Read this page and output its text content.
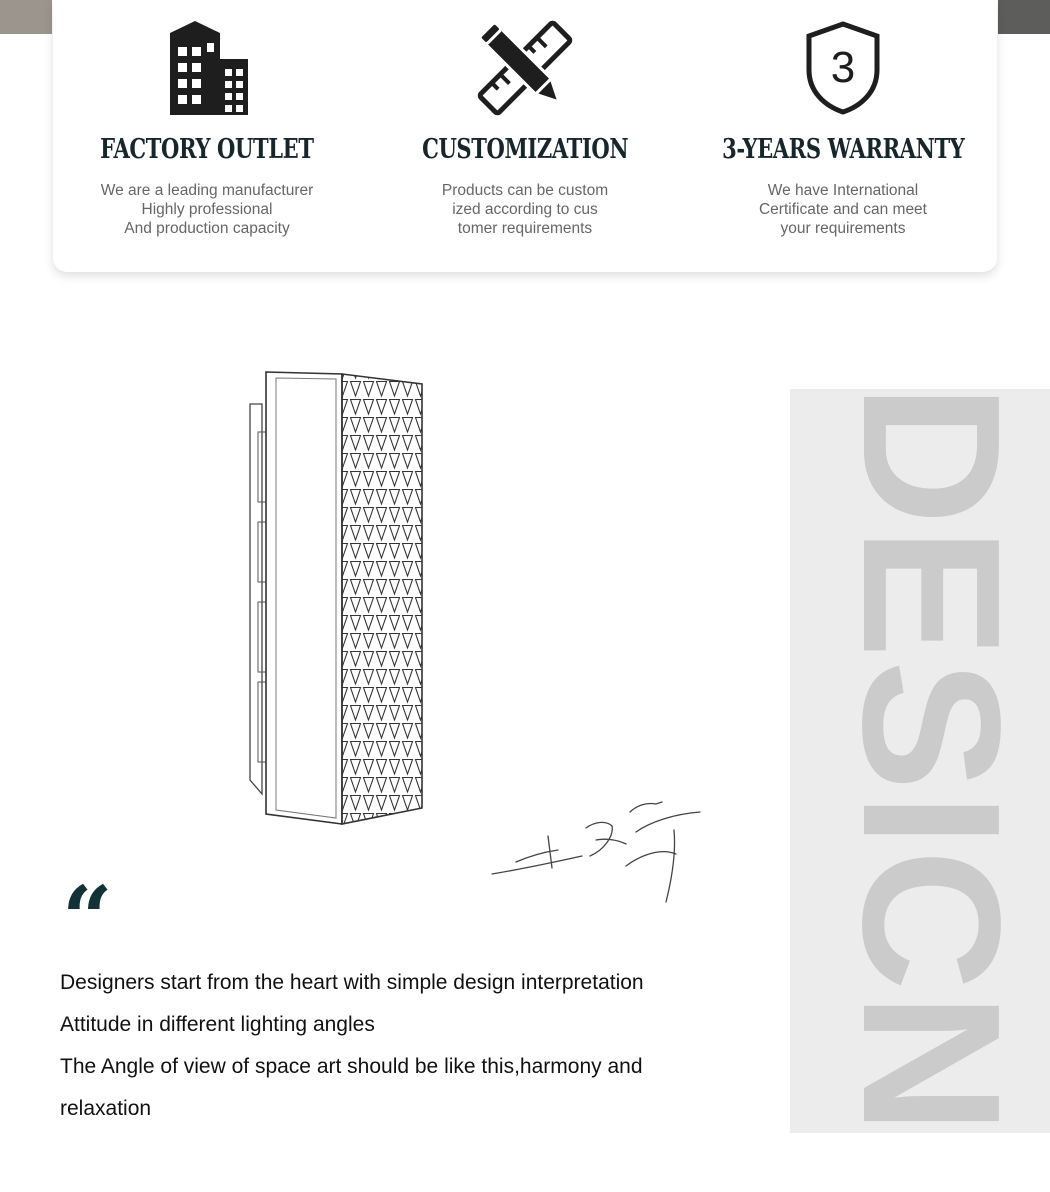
FACTORY OUTLET
We are a leading manufacturer
Highly professional
And production capacity
CUSTOMIZATION
Products can be custom
ized according to cus
tomer requirements
3
3-YEARS WARRANTY
We have International
Certificate and can meet
your requirements
“
Designers start from the heart with simple design interpretation
Attitude in different lighting angles
The Angle of view of space art should be like this,harmony and
relaxation	DESICN
